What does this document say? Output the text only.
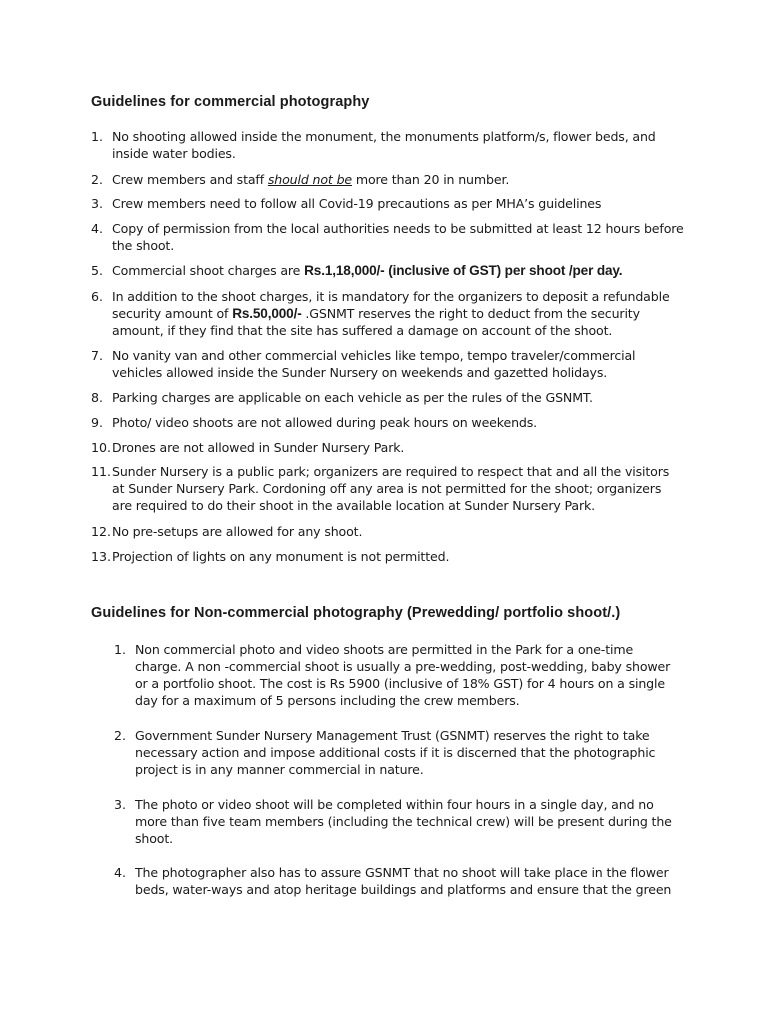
Guidelines for commercial photography
1. No shooting allowed inside the monument, the monuments platform/s, flower beds, and
inside water bodies.
2. Crew members and staff should not be more than 20 in number.
3. Crew members need to follow all Covid-19 precautions as per MHA’s guidelines
4. Copy of permission from the local authorities needs to be submitted at least 12 hours before
the shoot.
5. Commercial shoot charges are Rs.1,18,000/- (inclusive of GST) per shoot /per day.
6. In addition to the shoot charges, it is mandatory for the organizers to deposit a refundable
security amount of Rs.50,000/- .GSNMT reserves the right to deduct from the security
amount, if they find that the site has suffered a damage on account of the shoot.
7. No vanity van and other commercial vehicles like tempo, tempo traveler/commercial
vehicles allowed inside the Sunder Nursery on weekends and gazetted holidays.
8. Parking charges are applicable on each vehicle as per the rules of the GSNMT.
9. Photo/ video shoots are not allowed during peak hours on weekends.
10. Drones are not allowed in Sunder Nursery Park.
11. Sunder Nursery is a public park; organizers are required to respect that and all the visitors
at Sunder Nursery Park. Cordoning off any area is not permitted for the shoot; organizers
are required to do their shoot in the available location at Sunder Nursery Park.
12. No pre-setups are allowed for any shoot.
13. Projection of lights on any monument is not permitted.
Guidelines for Non-commercial photography (Prewedding/ portfolio shoot/.)
1. Non commercial photo and video shoots are permitted in the Park for a one-time
charge. A non -commercial shoot is usually a pre-wedding, post-wedding, baby shower
or a portfolio shoot. The cost is Rs 5900 (inclusive of 18% GST) for 4 hours on a single
day for a maximum of 5 persons including the crew members.
2. Government Sunder Nursery Management Trust (GSNMT) reserves the right to take
necessary action and impose additional costs if it is discerned that the photographic
project is in any manner commercial in nature.
3. The photo or video shoot will be completed within four hours in a single day, and no
more than five team members (including the technical crew) will be present during the
shoot.
4. The photographer also has to assure GSNMT that no shoot will take place in the flower
beds, water-ways and atop heritage buildings and platforms and ensure that the green
